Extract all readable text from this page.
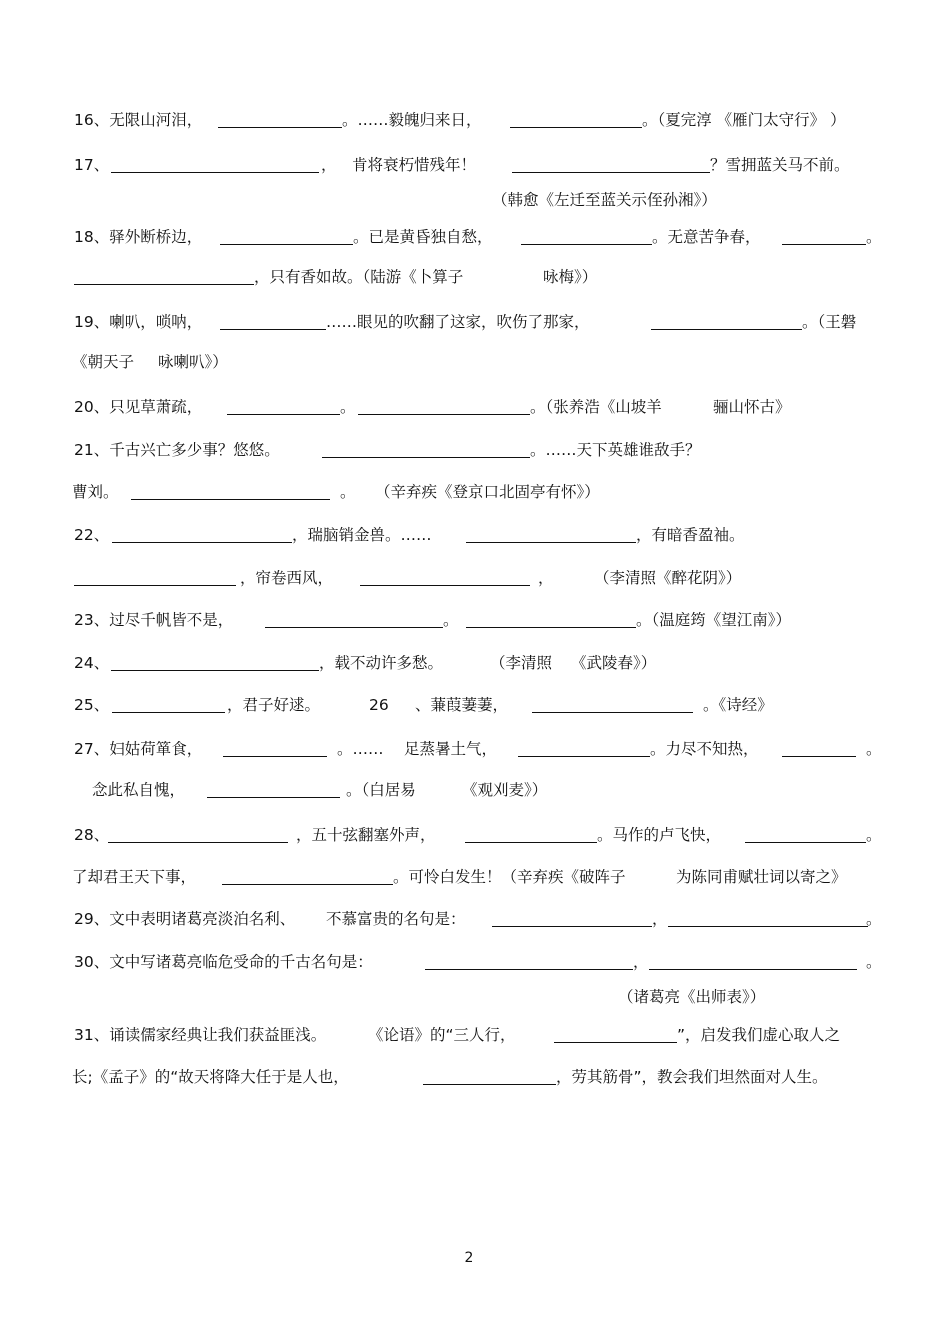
16、无限山河泪，	。……毅魄归来日，	。（夏完淳 《雁门太守行》 ）
17、	， 肯将衰朽惜残年！	？雪拥蓝关马不前。
（韩愈《左迁至蓝关示侄孙湘》）
18、驿外断桥边，	。已是黄昏独自愁，	。无意苦争春，	。
，只有香如故。（陆游《卜算子	咏梅》）
19、喇叭，唢呐，	……眼见的吹翻了这家，吹伤了那家，	。（王磐
《朝天子 咏喇叭》）
20、只见草萧疏，	。	。（张养浩《山坡羊	骊山怀古》
21、千古兴亡多少事？悠悠。	。……天下英雄谁敌手？
曹刘。	。 （辛弃疾《登京口北固亭有怀》）
22、	，瑞脑销金兽。……	，有暗香盈袖。
，帘卷西风，	，	（李清照《醉花阴》）
23、过尽千帆皆不是，	。	。（温庭筠《望江南》）
24、	，载不动许多愁。	（李清照 《武陵春》）
25、	，君子好逑。	26 、蒹葭萋萋，	。《诗经》
27、妇姑荷箪食，	。…… 足蒸暑土气，	。力尽不知热，	。
念此私自愧，	。（白居易	《观刈麦》）
28、	，五十弦翻塞外声，	。马作的卢飞快，	。
了却君王天下事，	。可怜白发生！（辛弃疾《破阵子	为陈同甫赋壮词以寄之》
29、文中表明诸葛亮淡泊名利、 不慕富贵的名句是：	，	。
30、文中写诸葛亮临危受命的千古名句是：	，	。
（诸葛亮《出师表》）
31、诵读儒家经典让我们获益匪浅。	《论语》的“三人行，	”，启发我们虚心取人之
长;《孟子》的“故天将降大任于是人也，	，劳其筋骨”，教会我们坦然面对人生。
2
